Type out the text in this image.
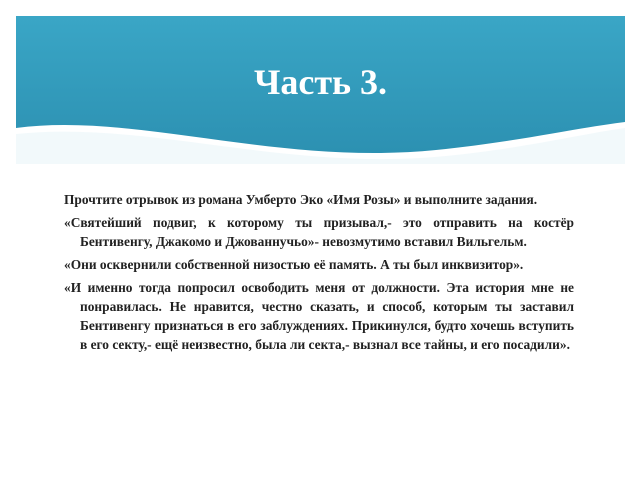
Часть 3.

Прочтите отрывок из романа Умберто Эко «Имя Розы» и выполните задания.

«Святейший подвиг, к которому ты призывал,- это отправить на костёр Бентивенгу, Джакомо и Джованнучьо»- невозмутимо вставил Вильгельм.

«Они осквернили собственной низостью её память. А ты был инквизитор».

«И именно тогда попросил освободить меня от должности. Эта история мне не понравилась. Не нравится, честно сказать, и способ, которым ты заставил Бентивенгу признаться в его заблуждениях. Прикинулся, будто хочешь вступить в его секту,- ещё неизвестно, была ли секта,- вызнал все тайны, и его посадили».
